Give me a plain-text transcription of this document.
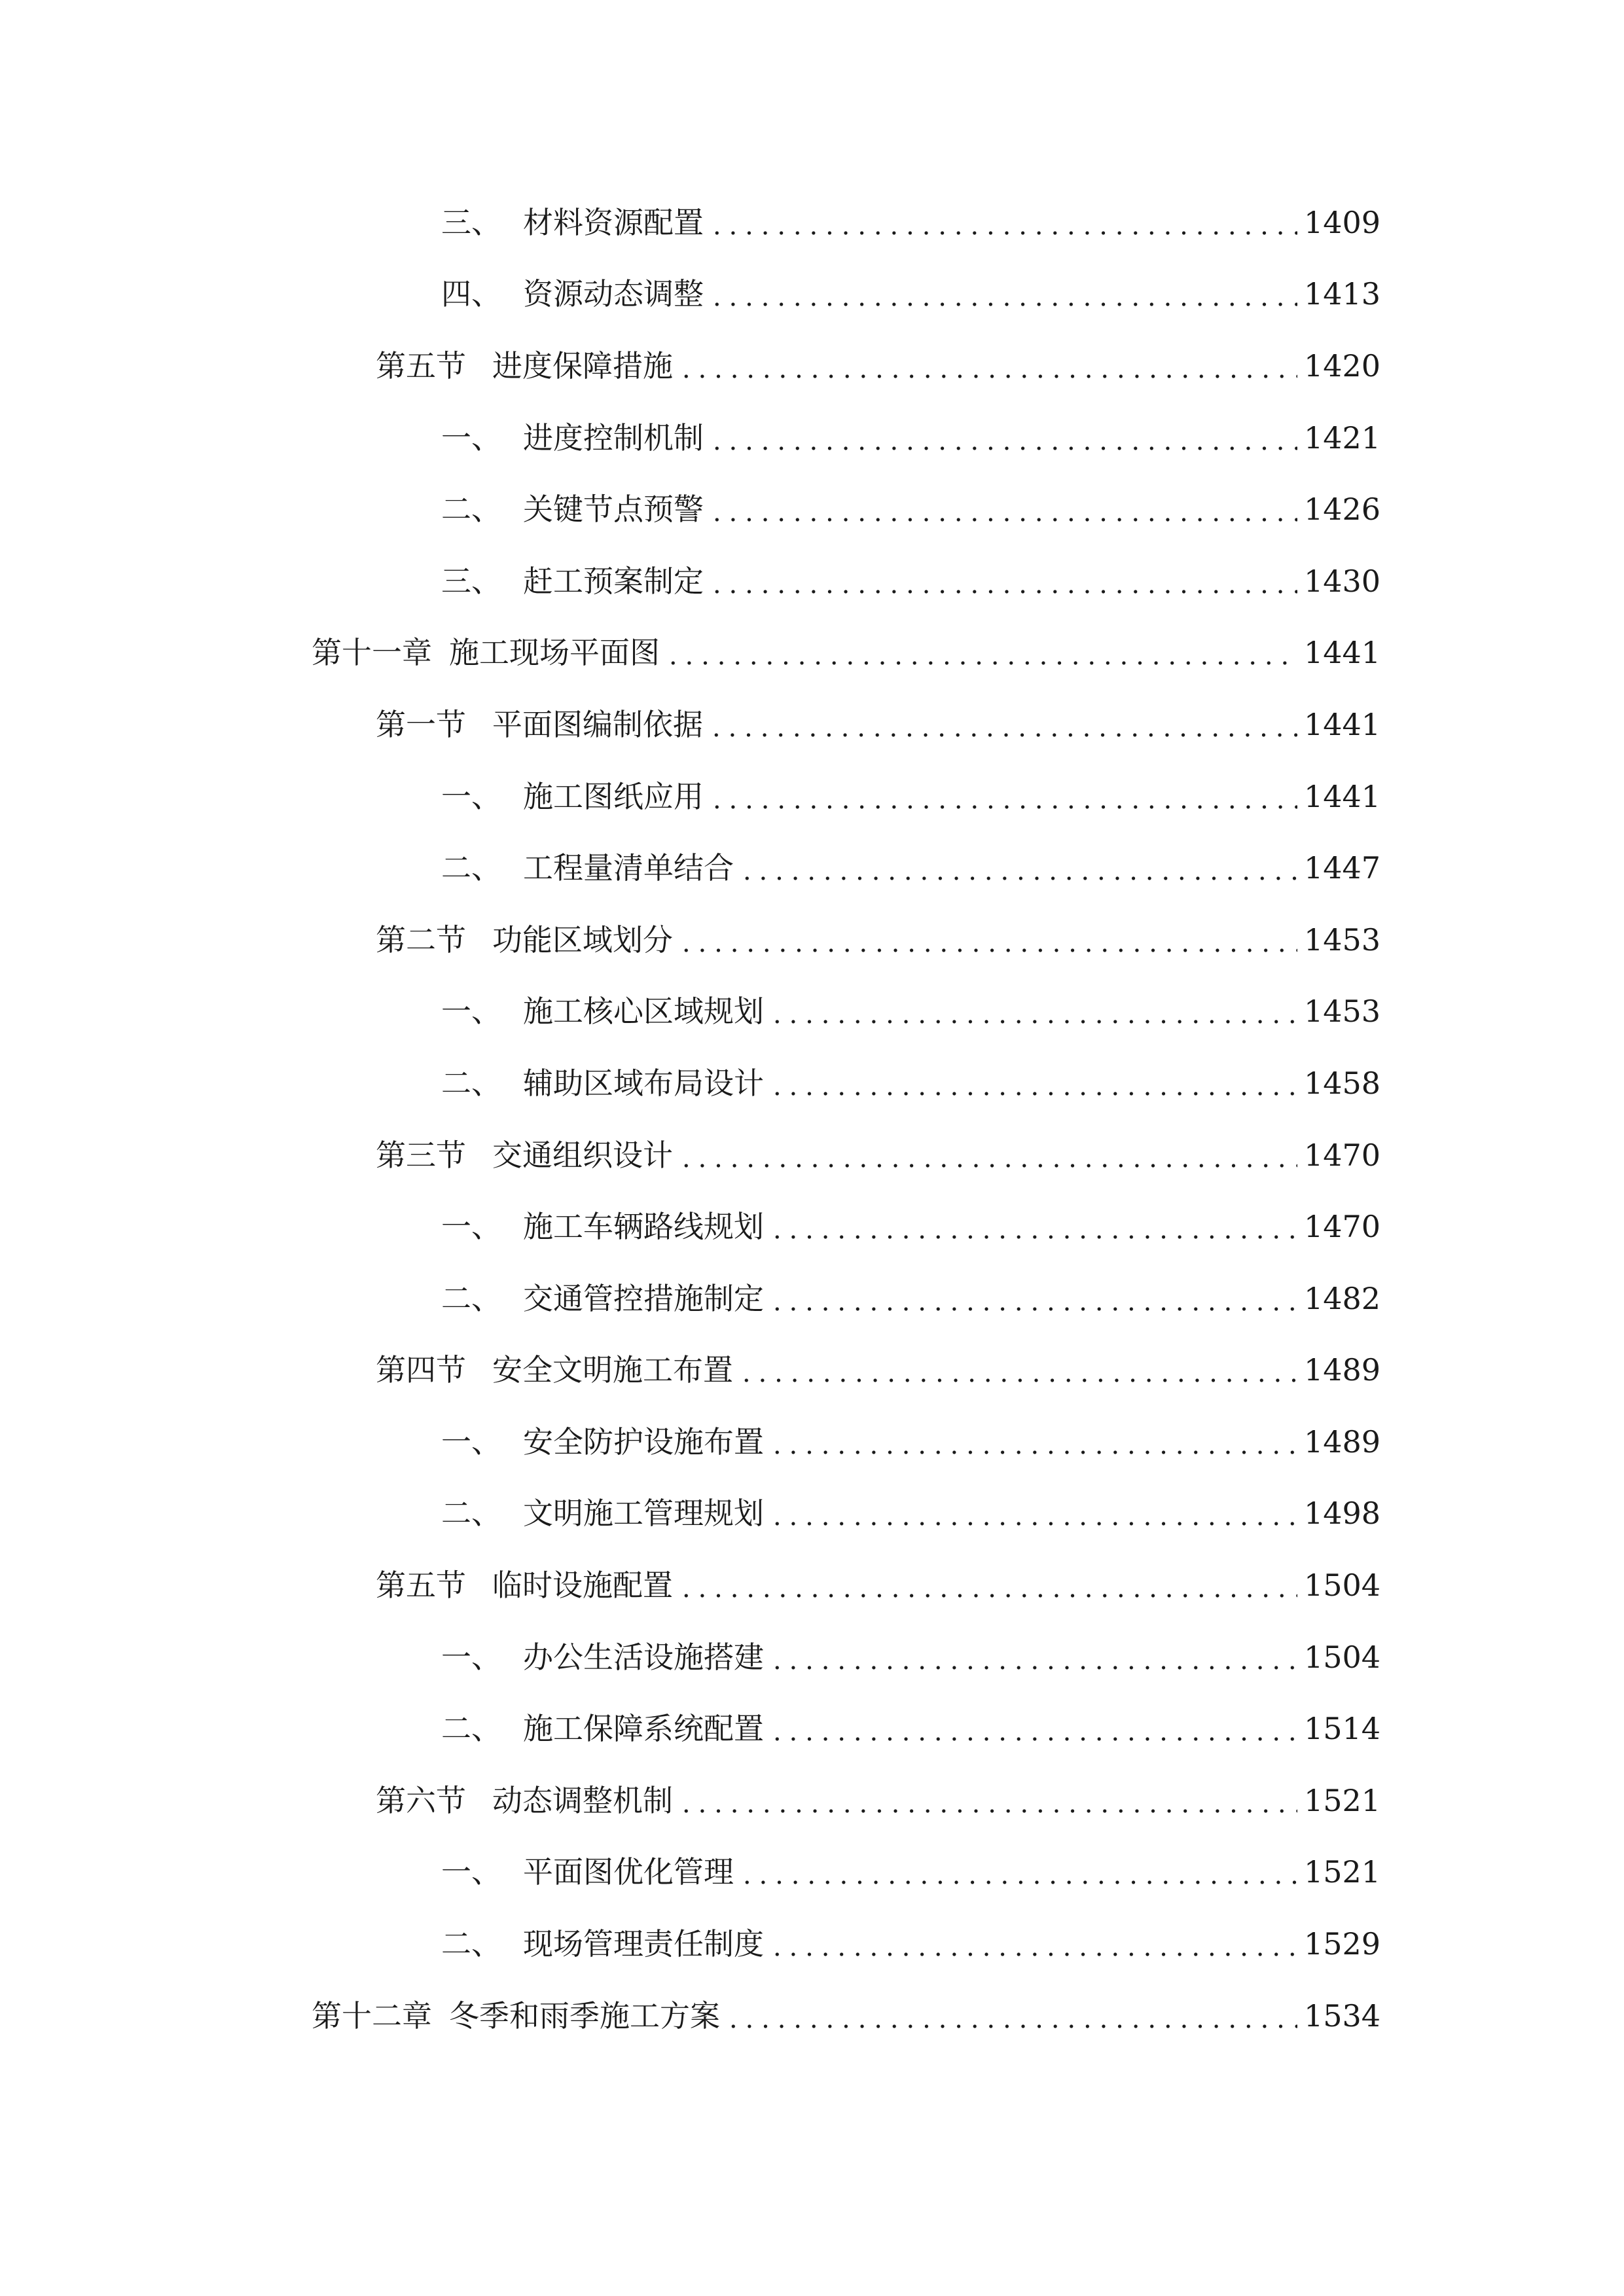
三、 材料资源配置	1409
四、 资源动态调整	1413
第五节 进度保障措施	1420
一、 进度控制机制	1421
二、 关键节点预警	1426
三、 赶工预案制定	1430
第十一章 施工现场平面图	1441
第一节 平面图编制依据	1441
一、 施工图纸应用	1441
二、 工程量清单结合	1447
第二节 功能区域划分	1453
一、 施工核心区域规划	1453
二、 辅助区域布局设计	1458
第三节 交通组织设计	1470
一、 施工车辆路线规划	1470
二、 交通管控措施制定	1482
第四节 安全文明施工布置	1489
一、 安全防护设施布置	1489
二、 文明施工管理规划	1498
第五节 临时设施配置	1504
一、 办公生活设施搭建	1504
二、 施工保障系统配置	1514
第六节 动态调整机制	1521
一、 平面图优化管理	1521
二、 现场管理责任制度	1529
第十二章 冬季和雨季施工方案	1534
